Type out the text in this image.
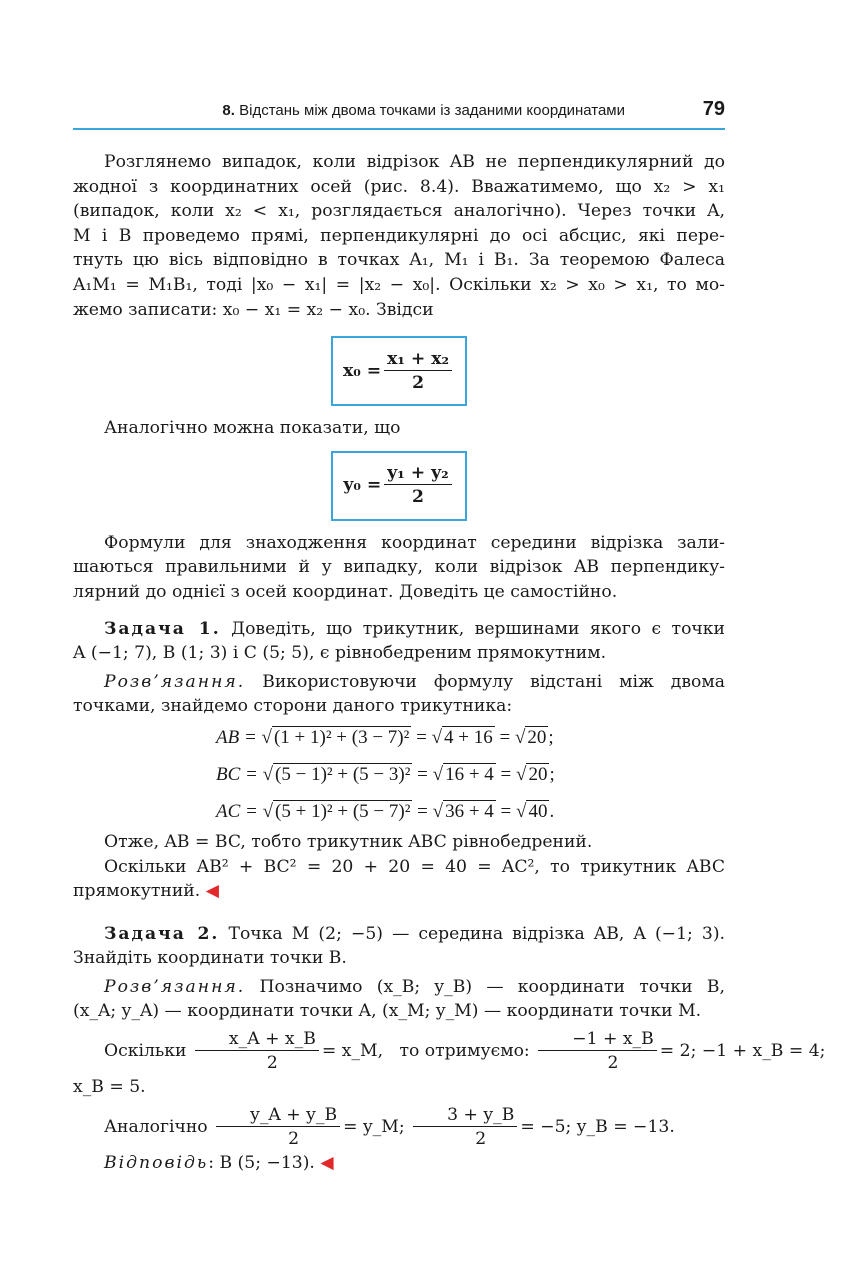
8. Відстань між двома точками із заданими координатами	79

Розглянемо випадок, коли відрізок AB не перпендикулярний до

жодної з координатних осей (рис. 8.4). Вважатимемо, що x₂ > x₁

(випадок, коли x₂ < x₁, розглядається аналогічно). Через точки A,

M і B проведемо прямі, перпендикулярні до осі абсцис, які пере-

тнуть цю вісь відповідно в точках A₁, M₁ і B₁. За теоремою Фалеса

A₁M₁ = M₁B₁, тоді |x₀ − x₁| = |x₂ − x₀|. Оскільки x₂ > x₀ > x₁, то мо-

жемо записати: x₀ − x₁ = x₂ − x₀. Звідси

$x_0 = \frac{\text{x₁ + x₂}}{2}$

Аналогічно можна показати, що

$y_0 = \frac{\text{y₁ + y₂}}{2}$

Формули для знаходження координат середини відрізка зали-

шаються правильними й у випадку, коли відрізок AB перпендику-

лярний до однієї з осей координат. Доведіть це самостійно.

Задача 1. Доведіть, що трикутник, вершинами якого є точки

A (−1; 7), B (1; 3) і C (5; 5), є рівнобедреним прямокутним.

Розв’язання. Використовуючи формулу відстані між двома

точками, знайдемо сторони даного трикутника:

AB = √ (1 + 1)² + (3 − 7)² = √ 4 + 16 = √ 20 ;
BC = √ (5 − 1)² + (5 − 3)² = √ 16 + 4 = √ 20 ;
AC = √ (5 + 1)² + (5 − 7)² = √ 36 + 4 = √ 40 .

Отже, AB = BC, тобто трикутник ABC рівнобедрений.

Оскільки AB² + BC² = 20 + 20 = 40 = AC², то трикутник ABC

прямокутний. ◀

Задача 2. Точка M (2; −5) — середина відрізка AB, A (−1; 3).

Знайдіть координати точки B.

Розв’язання. Позначимо (x_B; y_B) — координати точки B,

(x_A; y_A) — координати точки A, (x_M; y_M) — координати точки M.

Оскільки $\frac{x\_A + x\_B}{2}$ = x_M, то отримуємо: $\frac{-1 + x\_B}{2} = 2$; −1 + x_B = 4;

x_B = 5.

Аналогічно $\frac{y\_A + y\_B}{2}$ = y_M; $\frac{3 + y\_B}{2} = -5$; y_B = −13.

Відповідь: B (5; −13). ◀
